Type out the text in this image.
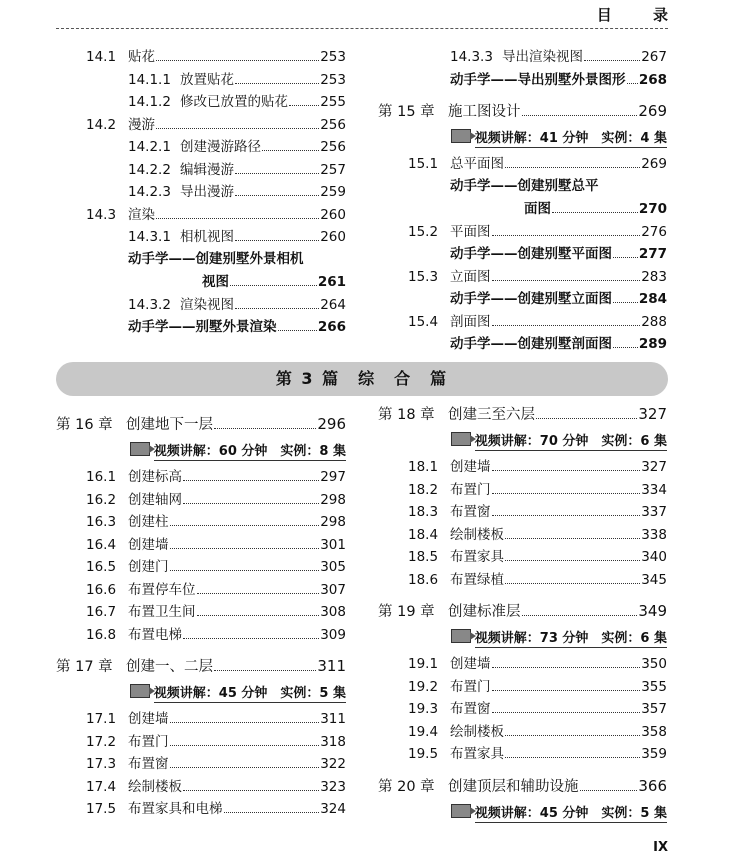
目 录
14.1 贴花	253
14.1.1 放置贴花	253
14.1.2 修改已放置的贴花 255
14.2 漫游	256
14.2.1 创建漫游路径	256
14.2.2 编辑漫游	257
14.2.3 导出漫游	259
14.3 渲染	260
14.3.1 相机视图	260
动手学——创建别墅外景相机
视图	261
14.3.2 渲染视图	264
动手学——别墅外景渲染	266
14.3.3 导出渲染视图	267
动手学——导出别墅外景图形 268
第 15 章 施工图设计	269
视频讲解：41 分钟　实例：4 集
15.1 总平面图	269
动手学——创建别墅总平
面图	270
15.2 平面图	276
动手学——创建别墅平面图 277
15.3 立面图	283
动手学——创建别墅立面图 284
15.4 剖面图	288
动手学——创建别墅剖面图 289
第 3 篇　综　合　篇
第 16 章 创建地下一层	296
视频讲解：60 分钟　实例：8 集
16.1 创建标高	297
16.2 创建轴网	298
16.3 创建柱	298
16.4 创建墙	301
16.5 创建门	305
16.6 布置停车位	307
16.7 布置卫生间	308
16.8 布置电梯	309
第 17 章 创建一、二层	311
视频讲解：45 分钟　实例：5 集
17.1 创建墙	311
17.2 布置门	318
17.3 布置窗	322
17.4 绘制楼板	323
17.5 布置家具和电梯	324
第 18 章 创建三至六层	327
视频讲解：70 分钟　实例：6 集
18.1 创建墙	327
18.2 布置门	334
18.3 布置窗	337
18.4 绘制楼板	338
18.5 布置家具	340
18.6 布置绿植	345
第 19 章 创建标准层	349
视频讲解：73 分钟　实例：6 集
19.1 创建墙	350
19.2 布置门	355
19.3 布置窗	357
19.4 绘制楼板	358
19.5 布置家具	359
第 20 章 创建顶层和辅助设施	366
视频讲解：45 分钟　实例：5 集
IX
